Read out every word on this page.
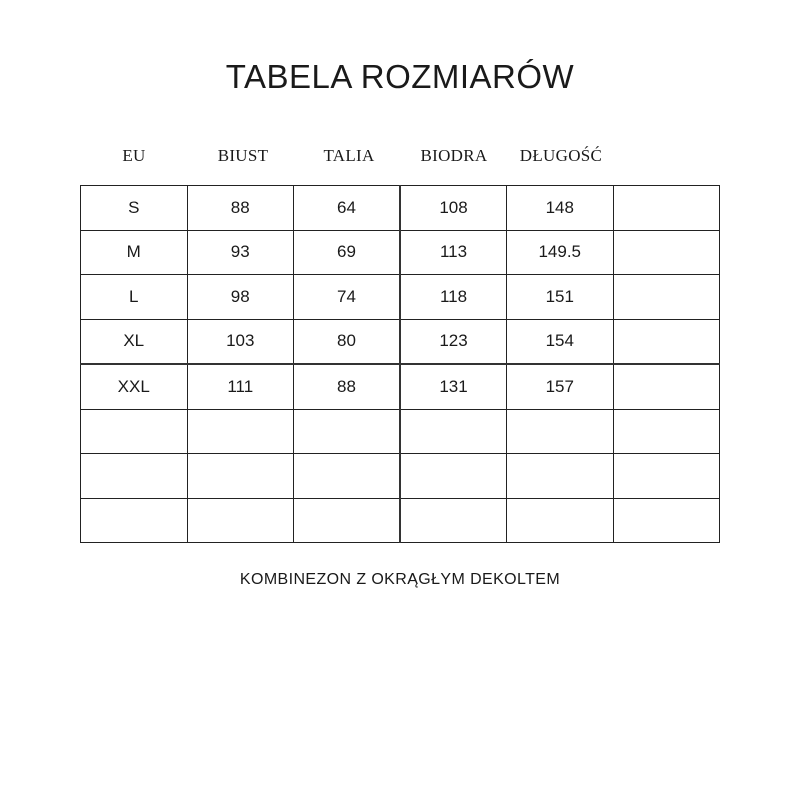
TABELA ROZMIARÓW
EU	BIUST	TALIA	BIODRA	DŁUGOŚĆ
S	88	64	108	148	
M	93	69	113	149.5	
L	98	74	118	151	
XL	103	80	123	154	
XXL	111	88	131	157	

KOMBINEZON Z OKRĄGŁYM DEKOLTEM
